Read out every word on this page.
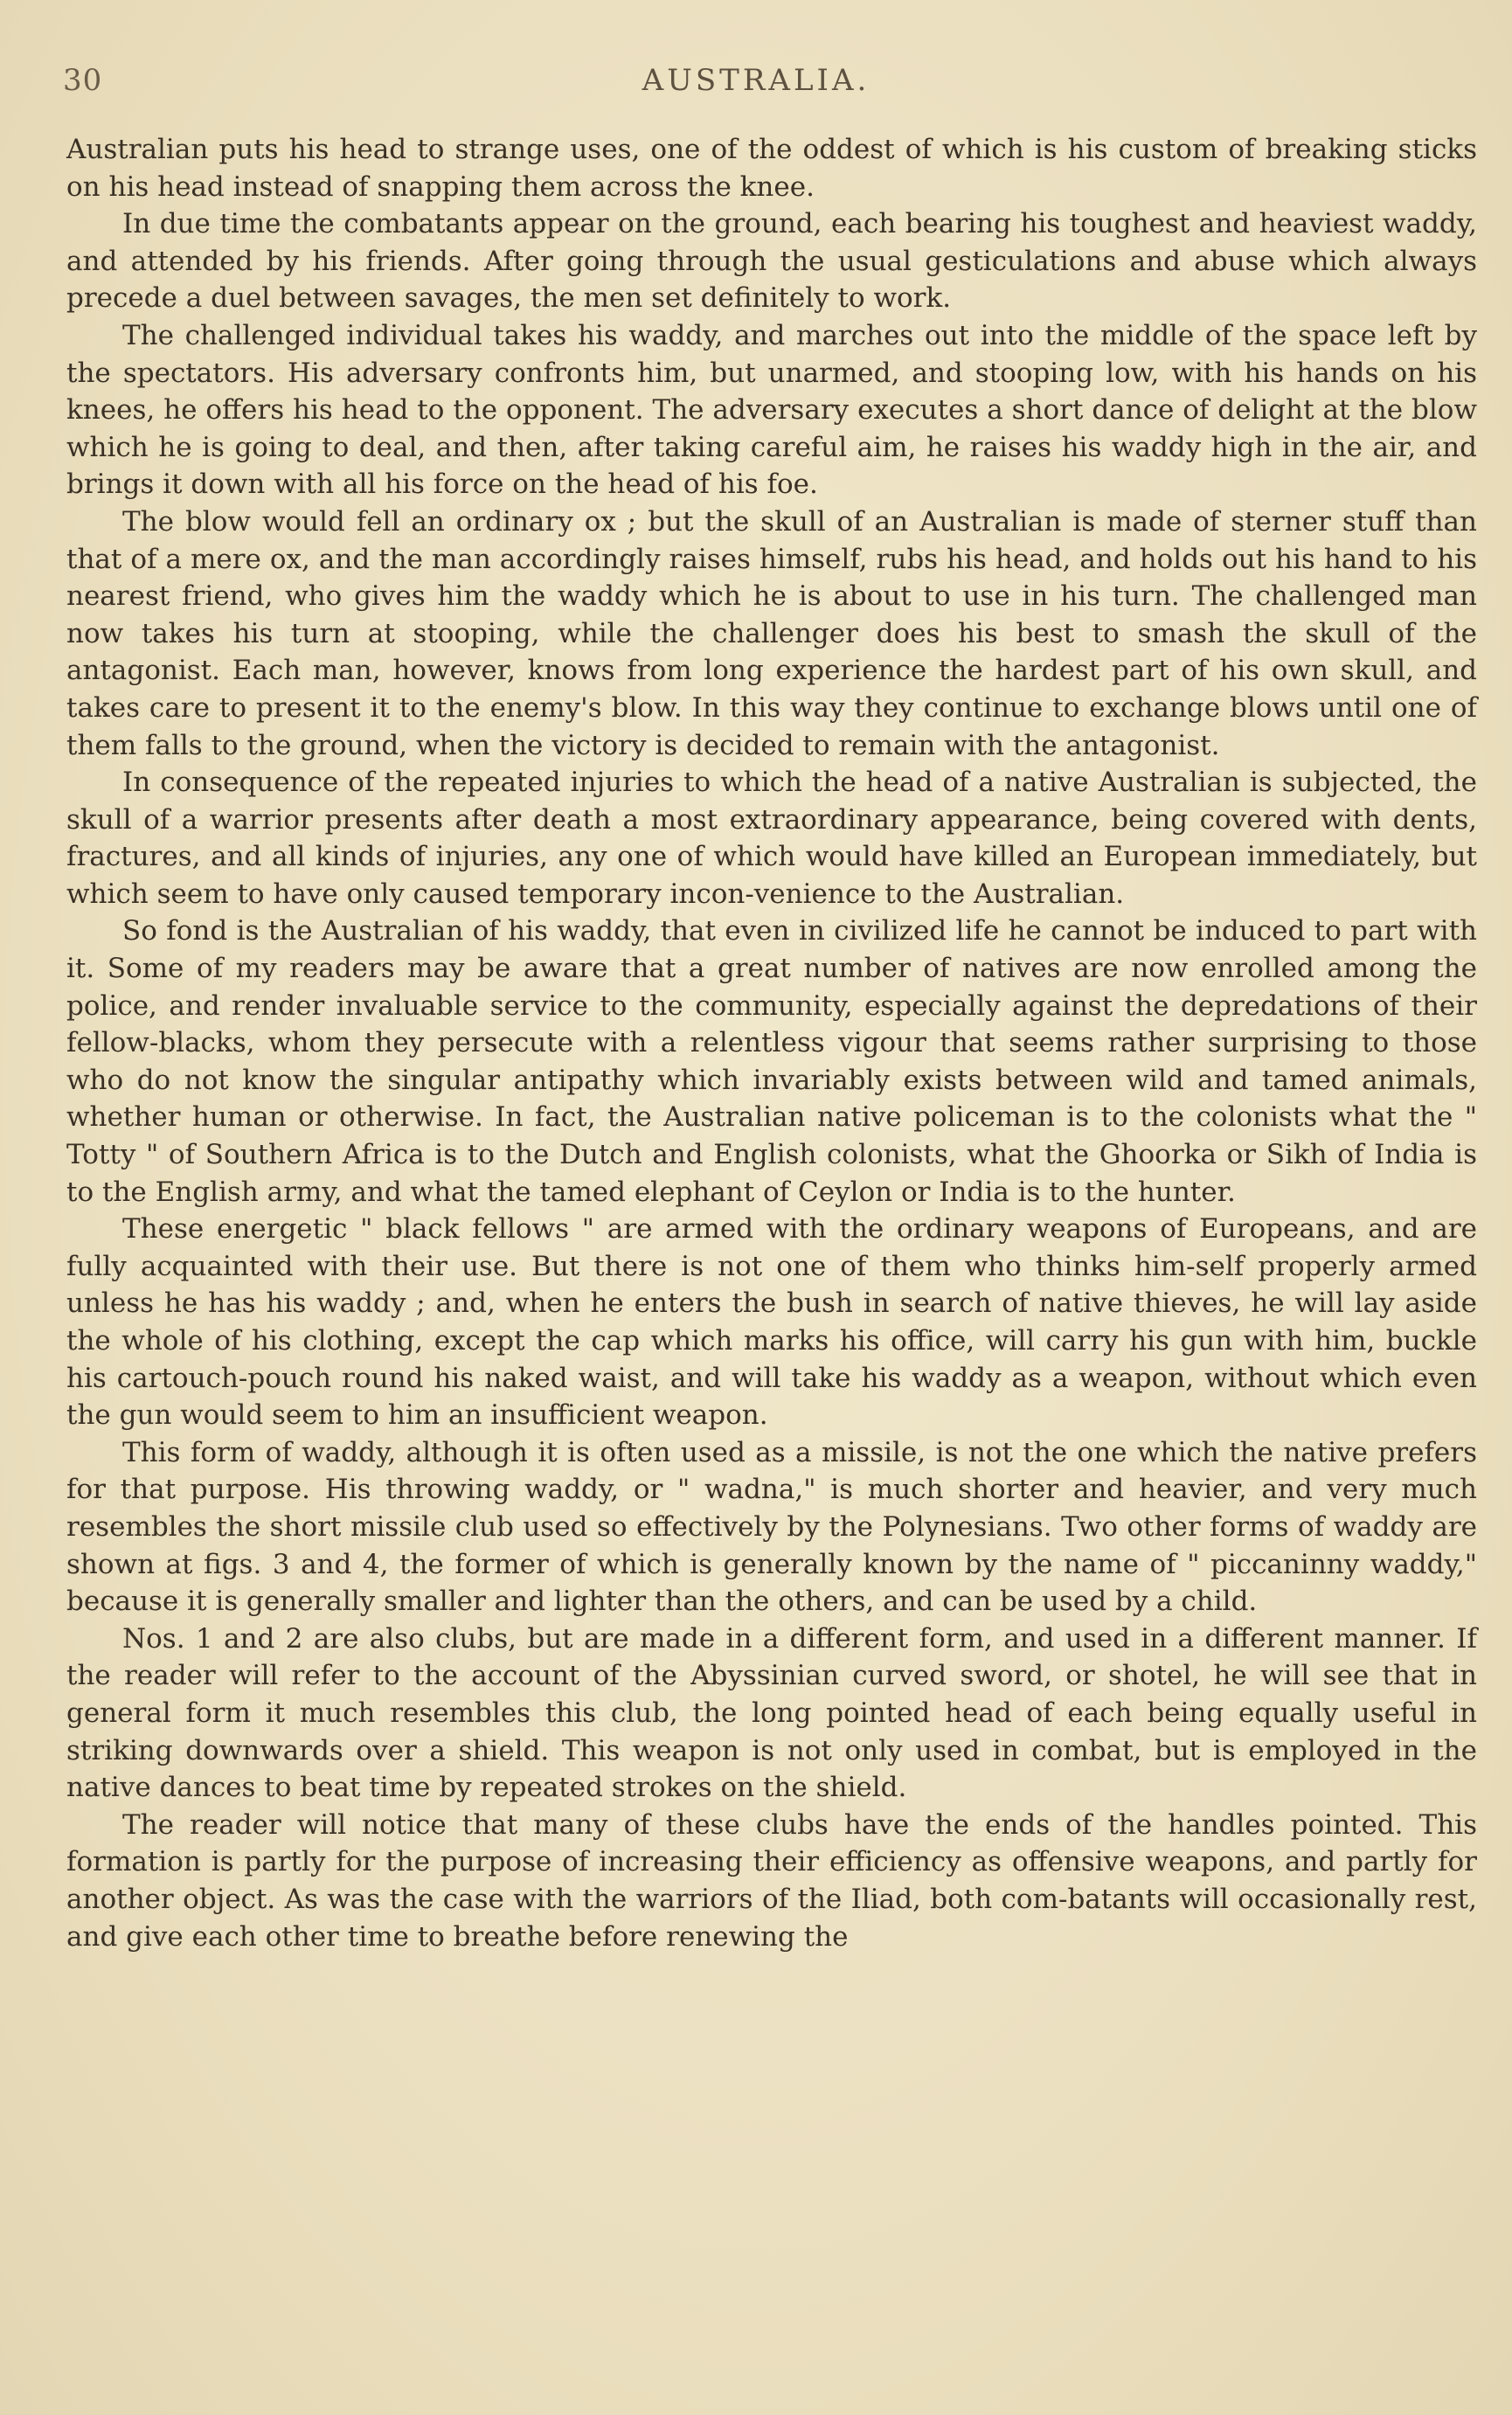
30	AUSTRALIA.

Australian puts his head to strange uses, one of the oddest of which is his custom of breaking sticks on his head instead of snapping them across the knee.

In due time the combatants appear on the ground, each bearing his toughest and heaviest waddy, and attended by his friends. After going through the usual gesticulations and abuse which always precede a duel between savages, the men set definitely to work.

The challenged individual takes his waddy, and marches out into the middle of the space left by the spectators. His adversary confronts him, but unarmed, and stooping low, with his hands on his knees, he offers his head to the opponent. The adversary executes a short dance of delight at the blow which he is going to deal, and then, after taking careful aim, he raises his waddy high in the air, and brings it down with all his force on the head of his foe.

The blow would fell an ordinary ox ; but the skull of an Australian is made of sterner stuff than that of a mere ox, and the man accordingly raises himself, rubs his head, and holds out his hand to his nearest friend, who gives him the waddy which he is about to use in his turn. The challenged man now takes his turn at stooping, while the challenger does his best to smash the skull of the antagonist. Each man, however, knows from long experience the hardest part of his own skull, and takes care to present it to the enemy's blow. In this way they continue to exchange blows until one of them falls to the ground, when the victory is decided to remain with the antagonist.

In consequence of the repeated injuries to which the head of a native Australian is subjected, the skull of a warrior presents after death a most extraordinary appearance, being covered with dents, fractures, and all kinds of injuries, any one of which would have killed an European immediately, but which seem to have only caused temporary incon-venience to the Australian.

So fond is the Australian of his waddy, that even in civilized life he cannot be induced to part with it. Some of my readers may be aware that a great number of natives are now enrolled among the police, and render invaluable service to the community, especially against the depredations of their fellow-blacks, whom they persecute with a relentless vigour that seems rather surprising to those who do not know the singular antipathy which invariably exists between wild and tamed animals, whether human or otherwise. In fact, the Australian native policeman is to the colonists what the " Totty " of Southern Africa is to the Dutch and English colonists, what the Ghoorka or Sikh of India is to the English army, and what the tamed elephant of Ceylon or India is to the hunter.

These energetic " black fellows " are armed with the ordinary weapons of Europeans, and are fully acquainted with their use. But there is not one of them who thinks him-self properly armed unless he has his waddy ; and, when he enters the bush in search of native thieves, he will lay aside the whole of his clothing, except the cap which marks his office, will carry his gun with him, buckle his cartouch-pouch round his naked waist, and will take his waddy as a weapon, without which even the gun would seem to him an insufficient weapon.

This form of waddy, although it is often used as a missile, is not the one which the native prefers for that purpose. His throwing waddy, or " wadna," is much shorter and heavier, and very much resembles the short missile club used so effectively by the Polynesians. Two other forms of waddy are shown at figs. 3 and 4, the former of which is generally known by the name of " piccaninny waddy," because it is generally smaller and lighter than the others, and can be used by a child.

Nos. 1 and 2 are also clubs, but are made in a different form, and used in a different manner. If the reader will refer to the account of the Abyssinian curved sword, or shotel, he will see that in general form it much resembles this club, the long pointed head of each being equally useful in striking downwards over a shield. This weapon is not only used in combat, but is employed in the native dances to beat time by repeated strokes on the shield.

The reader will notice that many of these clubs have the ends of the handles pointed. This formation is partly for the purpose of increasing their efficiency as offensive weapons, and partly for another object. As was the case with the warriors of the Iliad, both com-batants will occasionally rest, and give each other time to breathe before renewing the
